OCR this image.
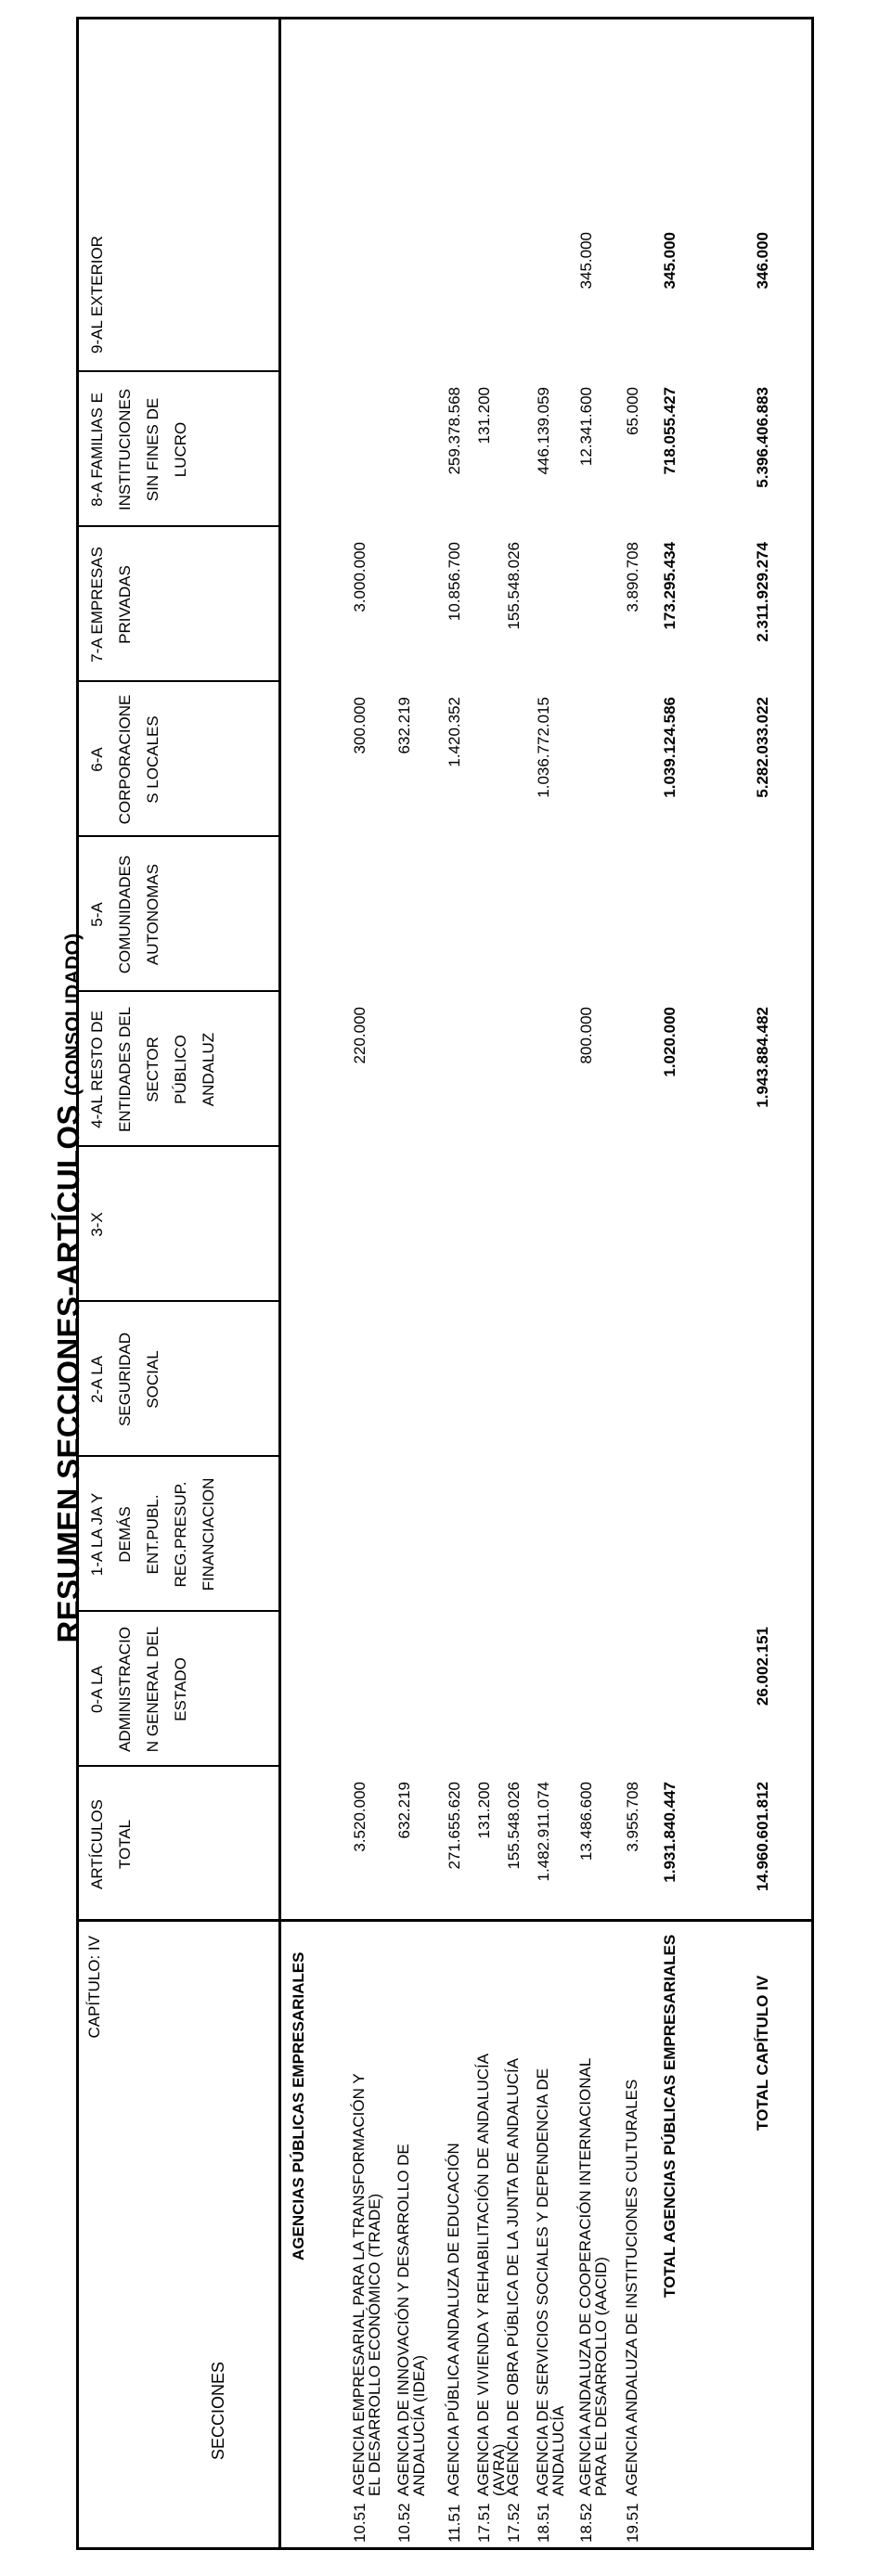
RESUMEN SECCIONES-ARTÍCULOS (CONSOLIDADO)
SECCIONES
CAPÍTULO: IV
ARTÍCULOS TOTAL
0-A LA ADMINISTRACIO N GENERAL DEL ESTADO
1-A LA JA Y DEMÁS ENT.PUBL. REG.PRESUP. FINANCIACION
2-A LA SEGURIDAD SOCIAL
3-X
4-AL RESTO DE ENTIDADES DEL SECTOR PÚBLICO ANDALUZ
5-A COMUNIDADES AUTONOMAS
6-A CORPORACIONE S LOCALES
7-A EMPRESAS PRIVADAS
8-A FAMILIAS E INSTITUCIONES SIN FINES DE LUCRO
9-AL EXTERIOR
AGENCIAS PÚBLICAS EMPRESARIALES
10.51
AGENCIA EMPRESARIAL PARA LA TRANSFORMACIÓN Y
EL DESARROLLO ECONÓMICO (TRADE)
3.520.000
220.000
300.000
3.000.000
10.52
AGENCIA DE INNOVACIÓN Y DESARROLLO DE
ANDALUCÍA (IDEA)
632.219
632.219
11.51
AGENCIA PÚBLICA ANDALUZA DE EDUCACIÓN
271.655.620
1.420.352
10.856.700
259.378.568
17.51
AGENCIA DE VIVIENDA Y REHABILITACIÓN DE ANDALUCÍA
(AVRA)
131.200
131.200
17.52
AGENCIA DE OBRA PÚBLICA DE LA JUNTA DE ANDALUCÍA
155.548.026
155.548.026
18.51
AGENCIA DE SERVICIOS SOCIALES Y DEPENDENCIA DE
ANDALUCÍA
1.482.911.074
1.036.772.015
446.139.059
18.52
AGENCIA ANDALUZA DE COOPERACIÓN INTERNACIONAL
PARA EL DESARROLLO (AACID)
13.486.600
800.000
12.341.600
345.000
19.51
AGENCIA ANDALUZA DE INSTITUCIONES CULTURALES
3.955.708
3.890.708
65.000
TOTAL AGENCIAS PÚBLICAS EMPRESARIALES
1.931.840.447
1.020.000
1.039.124.586
173.295.434
718.055.427
345.000
TOTAL CAPÍTULO IV
14.960.601.812
26.002.151
1.943.884.482
5.282.033.022
2.311.929.274
5.396.406.883
346.000
